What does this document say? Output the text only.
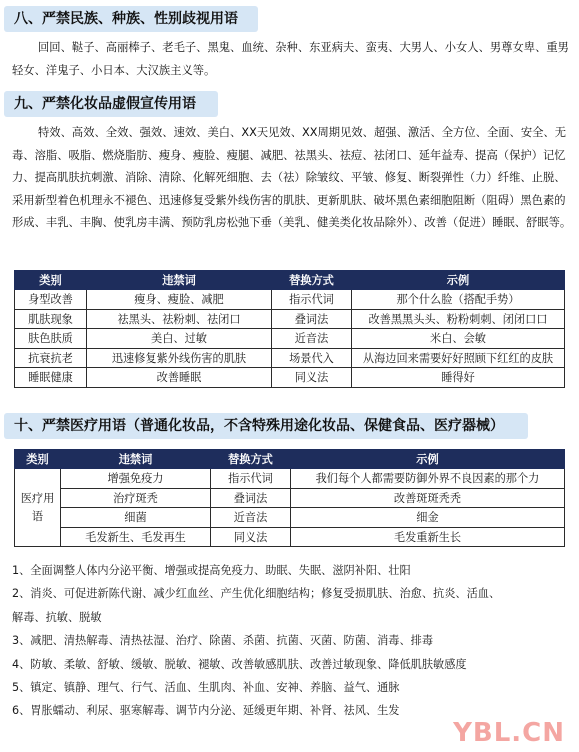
八、严禁民族、种族、性别歧视用语
回回、鞑子、高丽棒子、老毛子、黑鬼、血统、杂种、东亚病夫、蛮夷、大男人、小女人、男尊女卑、重男轻女、洋鬼子、小日本、大汉族主义等。
九、严禁化妆品虚假宣传用语
特效、高效、全效、强效、速效、美白、XX天见效、XX周期见效、超强、激活、全方位、全面、安全、无毒、溶脂、吸脂、燃烧脂肪、瘦身、瘦脸、瘦腿、减肥、祛黑头、祛痘、祛闭口、延年益寿、提高（保护）记忆力、提高肌肤抗刺激、消除、清除、化解死细胞、去（祛）除皱纹、平皱、修复、断裂弹性（力）纤维、止脱、采用新型着色机理永不褪色、迅速修复受紫外线伤害的肌肤、更新肌肤、破坏黑色素细胞阻断（阻碍）黑色素的形成、丰乳、丰胸、使乳房丰满、预防乳房松弛下垂（美乳、健美类化妆品除外）、改善（促进）睡眠、舒眠等。
类别	违禁词	替换方式	示例
身型改善	瘦身、瘦脸、减肥	指示代词	那个什么脸（搭配手势）
肌肤现象	祛黑头、祛粉刺、祛闭口	叠词法	改善黑黑头头、粉粉刺刺、闭闭口口
肤色肤质	美白、过敏	近音法	米白、会敏
抗衰抗老	迅速修复紫外线伤害的肌肤	场景代入	从海边回来需要好好照顾下红红的皮肤
睡眠健康	改善睡眠	同义法	睡得好
十、严禁医疗用语（普通化妆品，不含特殊用途化妆品、保健食品、医疗器械）
类别	违禁词	替换方式	示例
医疗用语	增强免疫力	指示代词	我们每个人都需要防御外界不良因素的那个力
	治疗斑秃	叠词法	改善斑斑秃秃
	细菌	近音法	细金
	毛发新生、毛发再生	同义法	毛发重新生长
1、全面调整人体内分泌平衡、增强或提高免疫力、助眠、失眠、滋阴补阳、壮阳
2、消炎、可促进新陈代谢、减少红血丝、产生优化细胞结构；修复受损肌肤、治愈、抗炎、活血、
解毒、抗敏、脱敏
3、减肥、清热解毒、清热祛湿、治疗、除菌、杀菌、抗菌、灭菌、防菌、消毒、排毒
4、防敏、柔敏、舒敏、缓敏、脱敏、褪敏、改善敏感肌肤、改善过敏现象、降低肌肤敏感度
5、镇定、镇静、理气、行气、活血、生肌肉、补血、安神、养脑、益气、通脉
6、胃胀蠕动、利尿、驱寒解毒、调节内分泌、延缓更年期、补肾、祛风、生发
YBL.CN
